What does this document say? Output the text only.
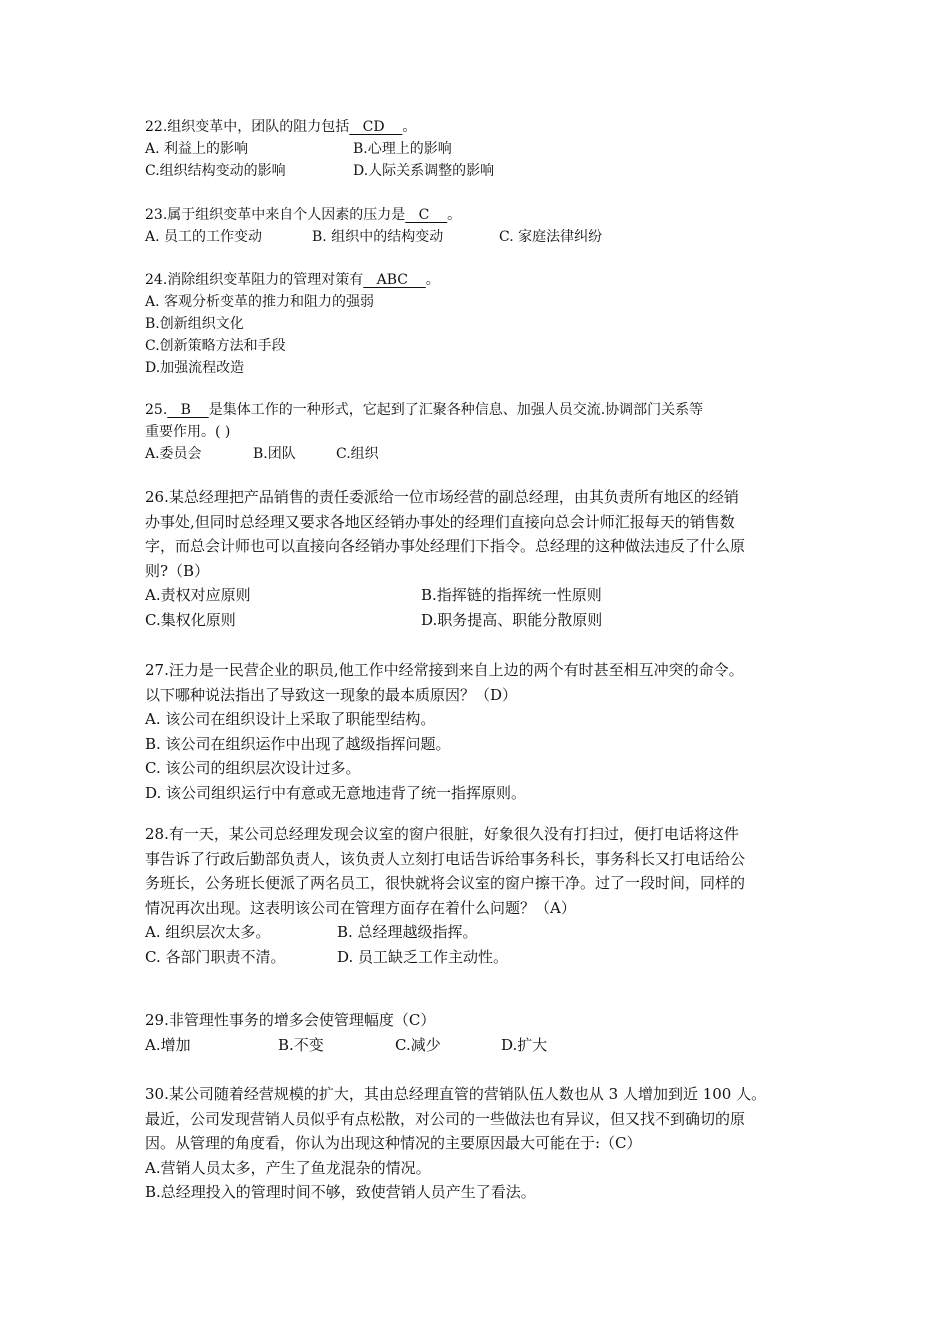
22.组织变革中，团队的阻力包括   CD    。
A. 利益上的影响	B.心理上的影响
C.组织结构变动的影响	D.人际关系调整的影响
23.属于组织变革中来自个人因素的压力是   C    。
A. 员工的工作变动	B. 组织中的结构变动	C. 家庭法律纠纷
24.消除组织变革阻力的管理对策有   ABC    。
A. 客观分析变革的推力和阻力的强弱
B.创新组织文化
C.创新策略方法和手段
D.加强流程改造
25.   B    是集体工作的一种形式，它起到了汇聚各种信息、加强人员交流.协调部门关系等
重要作用。( )
A.委员会	B.团队	C.组织
26.某总经理把产品销售的责任委派给一位市场经营的副总经理，由其负责所有地区的经销
办事处,但同时总经理又要求各地区经销办事处的经理们直接向总会计师汇报每天的销售数
字，而总会计师也可以直接向各经销办事处经理们下指令。总经理的这种做法违反了什么原
则?（B）
A.责权对应原则	B.指挥链的指挥统一性原则
C.集权化原则	D.职务提高、职能分散原则
27.汪力是一民营企业的职员,他工作中经常接到来自上边的两个有时甚至相互冲突的命令。
以下哪种说法指出了导致这一现象的最本质原因？（D）
A. 该公司在组织设计上采取了职能型结构。
B. 该公司在组织运作中出现了越级指挥问题。
C. 该公司的组织层次设计过多。
D. 该公司组织运行中有意或无意地违背了统一指挥原则。
28.有一天，某公司总经理发现会议室的窗户很脏，好象很久没有打扫过，便打电话将这件
事告诉了行政后勤部负责人，该负责人立刻打电话告诉给事务科长，事务科长又打电话给公
务班长，公务班长便派了两名员工，很快就将会议室的窗户擦干净。过了一段时间，同样的
情况再次出现。这表明该公司在管理方面存在着什么问题？（A）
A. 组织层次太多。	B. 总经理越级指挥。
C. 各部门职责不清。	D. 员工缺乏工作主动性。
29.非管理性事务的增多会使管理幅度（C）
A.增加	B.不变	C.减少	D.扩大
30.某公司随着经营规模的扩大，其由总经理直管的营销队伍人数也从 3 人增加到近 100 人。
最近，公司发现营销人员似乎有点松散，对公司的一些做法也有异议，但又找不到确切的原
因。从管理的角度看，你认为出现这种情况的主要原因最大可能在于:（C）
A.营销人员太多，产生了鱼龙混杂的情况。
B.总经理投入的管理时间不够，致使营销人员产生了看法。
